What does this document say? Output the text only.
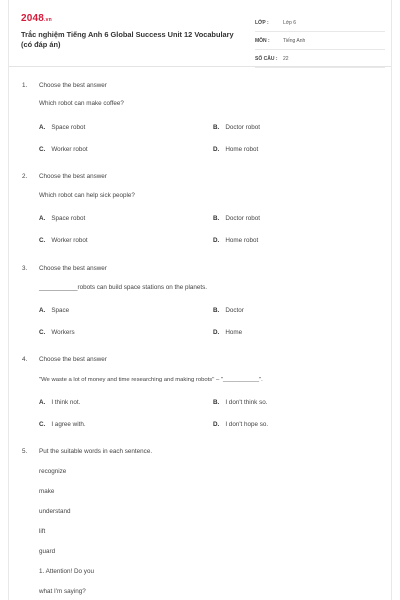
2048.vn
Trắc nghiệm Tiếng Anh 6 Global Success Unit 12 Vocabulary (có đáp án)
LỚP :	Lớp 6
MÔN :	Tiếng Anh
SỐ CÂU :	22
1. Choose the best answer
Which robot can make coffee?
A. Space robot	B. Doctor robot
C. Worker robot	D. Home robot
2. Choose the best answer
Which robot can help sick people?
A. Space robot	B. Doctor robot
C. Worker robot	D. Home robot
3. Choose the best answer
___________robots can build space stations on the planets.
A. Space	B. Doctor
C. Workers	D. Home
4. Choose the best answer
"We waste a lot of money and time researching and making robots" – "___________".
A. I think not.	B. I don't think so.
C. I agree with.	D. I don't hope so.
5. Put the suitable words in each sentence.
recognize
make
understand
lift
guard
1. Attention! Do you
what I'm saying?
